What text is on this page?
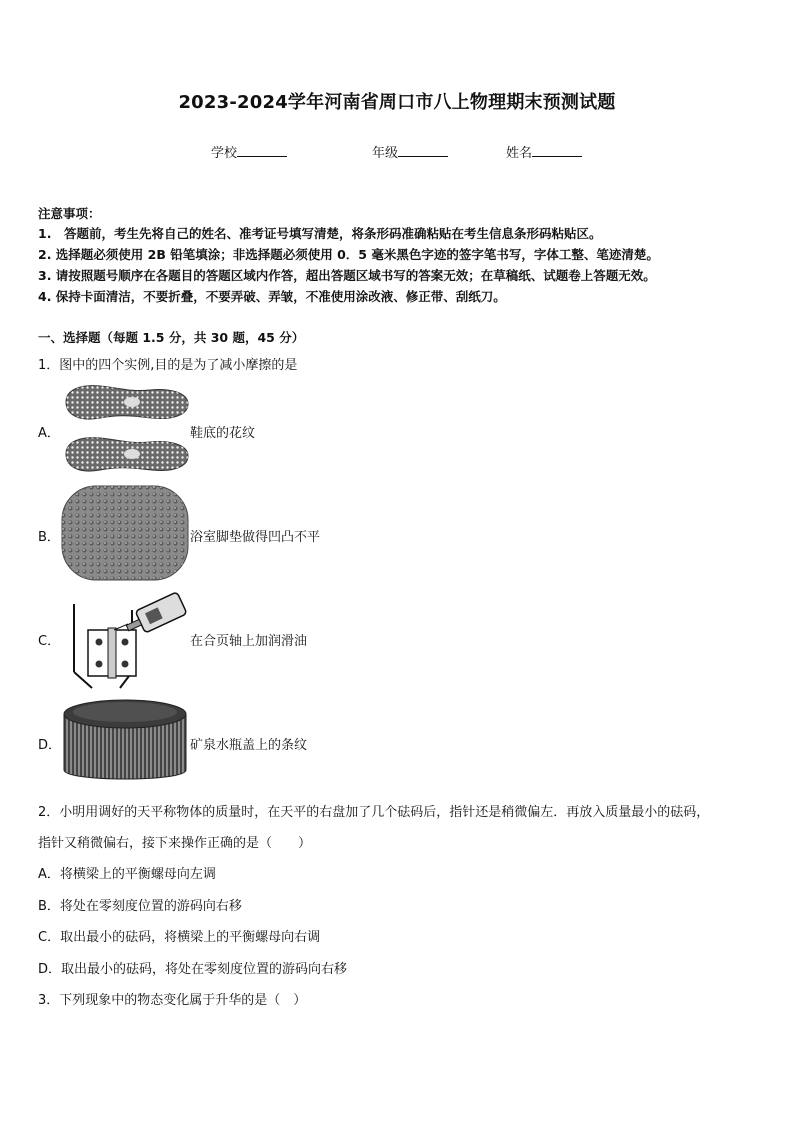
2023-2024学年河南省周口市八上物理期末预测试题
学校	年级	姓名
注意事项：
1.　答题前，考生先将自己的姓名、准考证号填写清楚，将条形码准确粘贴在考生信息条形码粘贴区。
2. 选择题必须使用 2B 铅笔填涂；非选择题必须使用 0．5 毫米黑色字迹的签字笔书写，字体工整、笔迹清楚。
3. 请按照题号顺序在各题目的答题区域内作答，超出答题区域书写的答案无效；在草稿纸、试题卷上答题无效。
4. 保持卡面清洁，不要折叠，不要弄破、弄皱，不准使用涂改液、修正带、刮纸刀。
一、选择题（每题 1.5 分，共 30 题，45 分）
1．图中的四个实例,目的是为了减小摩擦的是
A．	鞋底的花纹
B．	浴室脚垫做得凹凸不平
C．	在合页轴上加润滑油
D．	矿泉水瓶盖上的条纹
2．小明用调好的天平称物体的质量时，在天平的右盘加了几个砝码后，指针还是稍微偏左．再放入质量最小的砝码，
指针又稍微偏右，接下来操作正确的是（　　）
A．将横梁上的平衡螺母向左调
B．将处在零刻度位置的游码向右移
C．取出最小的砝码，将横梁上的平衡螺母向右调
D．取出最小的砝码，将处在零刻度位置的游码向右移
3．下列现象中的物态变化属于升华的是（　）
